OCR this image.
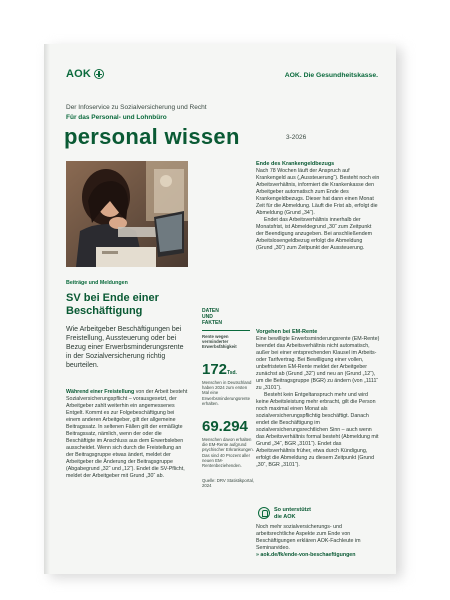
AOK	AOK. Die Gesundheitskasse.
Der Infoservice zu Sozialversicherung und Recht
Für das Personal- und Lohnbüro
personal wissen	3-2026
Beiträge und Meldungen
SV bei Ende einer Beschäftigung

Wie Arbeitgeber Beschäftigungen bei Freistellung, Aussteuerung oder bei Bezug einer Erwerbsminderungsrente in der Sozialversicherung richtig beurteilen.

Während einer Freistellung von der Arbeit besteht Sozialversicherungspflicht – vorausgesetzt, der Arbeitgeber zahlt weiterhin ein angemessenes Entgelt. Kommt es zur Folgebeschäftigung bei einem anderen Arbeitgeber, gilt der allgemeine Beitragssatz. In seltenen Fällen gilt der ermäßigte Beitragssatz, nämlich, wenn der oder die Beschäftigte im Anschluss aus dem Erwerbsleben ausscheidet. Wenn sich durch die Freistellung an der Beitragsgruppe etwas ändert, meldet der Arbeitgeber die Änderung der Beitragsgruppe (Abgabegrund „32“ und „12“). Endet die SV-Pflicht, meldet der Arbeitgeber mit Grund „30“ ab.

DATEN
UND
FAKTEN

Rente wegen verminderter Erwerbsfähigkeit

172Tsd.

Menschen in Deutschland haben 2024 zum ersten Mal eine Erwerbsminderungsrente erhalten.

69.294

Menschen davon erhalten die EM-Rente aufgrund psychischer Erkrankungen. Das sind 40 Prozent aller neuen EM-Rentenbeziehenden.

Quelle: DRV Statistikportal, 2024

Ende des Krankengeldbezugs

Nach 78 Wochen läuft der Anspruch auf Krankengeld aus („Aussteuerung“). Besteht noch ein Arbeitsverhältnis, informiert die Krankenkasse den Arbeitgeber automatisch zum Ende des Krankengeldbezugs. Dieser hat dann einen Monat Zeit für die Abmeldung. Läuft die Frist ab, erfolgt die Abmeldung (Grund „34“).

Endet das Arbeitsverhältnis innerhalb der Monatsfrist, ist Abmeldegrund „30“ zum Zeitpunkt der Beendigung anzugeben. Bei anschließendem Arbeitslosengeldbezug erfolgt die Abmeldung (Grund „30“) zum Zeitpunkt der Aussteuerung.

Vorgehen bei EM-Rente

Eine bewilligte Erwerbsminderungsrente (EM-Rente) beendet das Arbeitsverhältnis nicht automatisch, außer bei einer entsprechenden Klausel im Arbeits- oder Tarifvertrag. Bei Bewilligung einer vollen, unbefristeten EM-Rente meldet der Arbeitgeber zunächst ab (Grund „32“) und neu an (Grund „12“), um die Beitragsgruppe (BGR) zu ändern (von „1111“ zu „3101“).

Besteht kein Entgeltanspruch mehr und wird keine Arbeitsleistung mehr erbracht, gilt die Person noch maximal einen Monat als sozialversicherungspflichtig beschäftigt. Danach endet die Beschäftigung im sozialversicherungsrechtlichen Sinn – auch wenn das Arbeitsverhältnis formal besteht (Abmeldung mit Grund „34“, BGR „3101“). Endet das Arbeitsverhältnis früher, etwa durch Kündigung, erfolgt die Abmeldung zu diesem Zeitpunkt (Grund „30“, BGR „3101“).

So unterstützt
die AOK

Noch mehr sozialversicherungs- und arbeitsrechtliche Aspekte zum Ende von Beschäftigungen erklären AOK-Fachleute im Seminarvideo.

» aok.de/fk/ende-von-beschaeftigungen
